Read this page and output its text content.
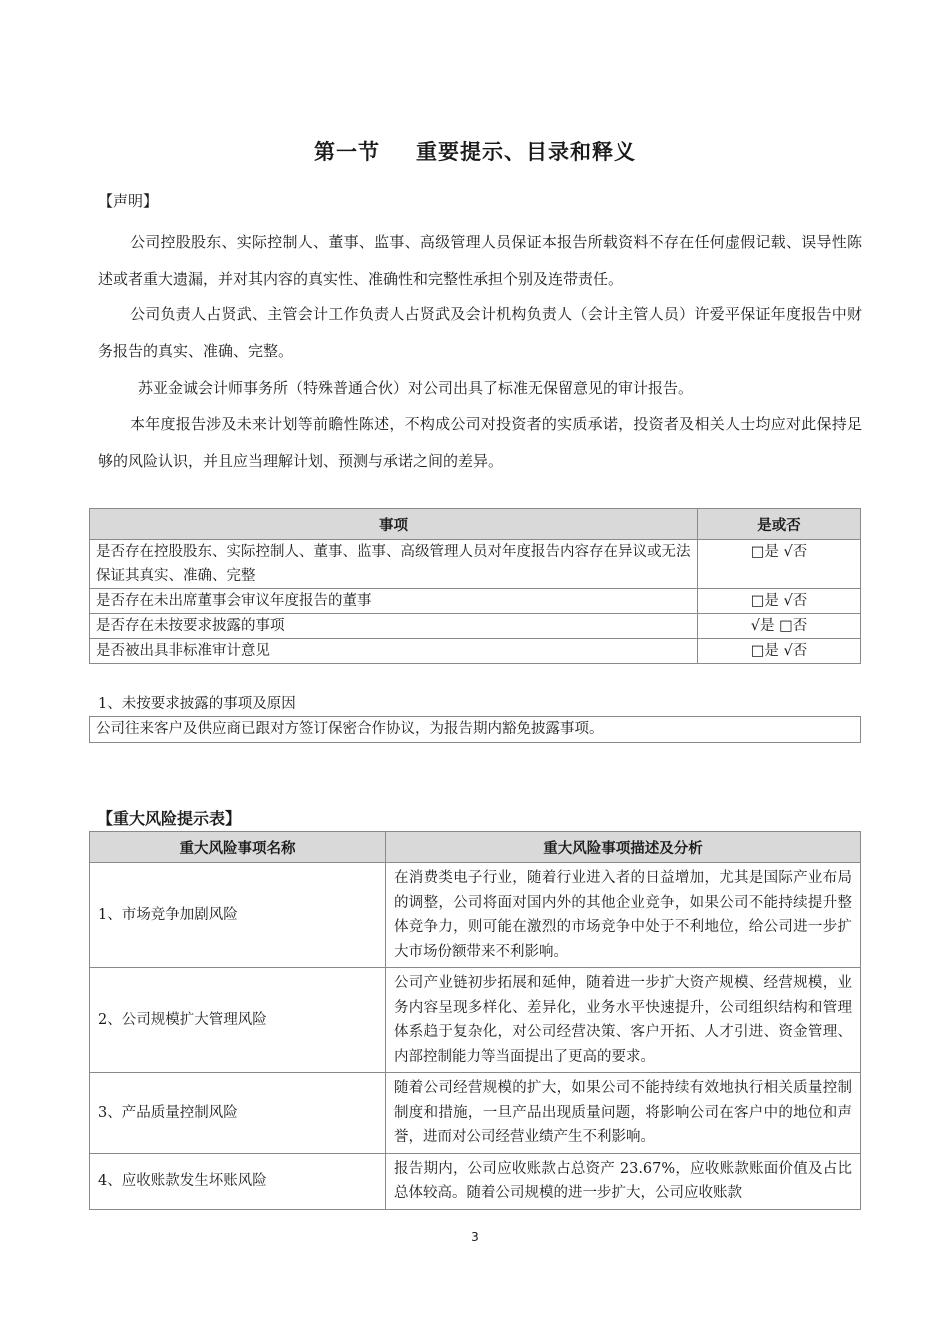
第一节 重要提示、目录和释义
【声明】
公司控股股东、实际控制人、董事、监事、高级管理人员保证本报告所载资料不存在任何虚假记载、误导性陈述或者重大遗漏，并对其内容的真实性、准确性和完整性承担个别及连带责任。
公司负责人占贤武、主管会计工作负责人占贤武及会计机构负责人（会计主管人员）许爱平保证年度报告中财务报告的真实、准确、完整。
苏亚金诚会计师事务所（特殊普通合伙）对公司出具了标准无保留意见的审计报告。
本年度报告涉及未来计划等前瞻性陈述，不构成公司对投资者的实质承诺，投资者及相关人士均应对此保持足够的风险认识，并且应当理解计划、预测与承诺之间的差异。
事项	是或否
是否存在控股股东、实际控制人、董事、监事、高级管理人员对年度报告内容存在异议或无法保证其真实、准确、完整	□是 √否
是否存在未出席董事会审议年度报告的董事	□是 √否
是否存在未按要求披露的事项	√是 □否
是否被出具非标准审计意见	□是 √否
1、未按要求披露的事项及原因
公司往来客户及供应商已跟对方签订保密合作协议，为报告期内豁免披露事项。
【重大风险提示表】
重大风险事项名称	重大风险事项描述及分析
1、市场竞争加剧风险	在消费类电子行业，随着行业进入者的日益增加，尤其是国际产业布局的调整，公司将面对国内外的其他企业竞争，如果公司不能持续提升整体竞争力，则可能在激烈的市场竞争中处于不利地位，给公司进一步扩大市场份额带来不利影响。
2、公司规模扩大管理风险	公司产业链初步拓展和延伸，随着进一步扩大资产规模、经营规模，业务内容呈现多样化、差异化，业务水平快速提升，公司组织结构和管理体系趋于复杂化，对公司经营决策、客户开拓、人才引进、资金管理、内部控制能力等当面提出了更高的要求。
3、产品质量控制风险	随着公司经营规模的扩大，如果公司不能持续有效地执行相关质量控制制度和措施，一旦产品出现质量问题，将影响公司在客户中的地位和声誉，进而对公司经营业绩产生不利影响。
4、应收账款发生坏账风险	报告期内，公司应收账款占总资产 23.67%，应收账款账面价值及占比总体较高。随着公司规模的进一步扩大，公司应收账款
3
